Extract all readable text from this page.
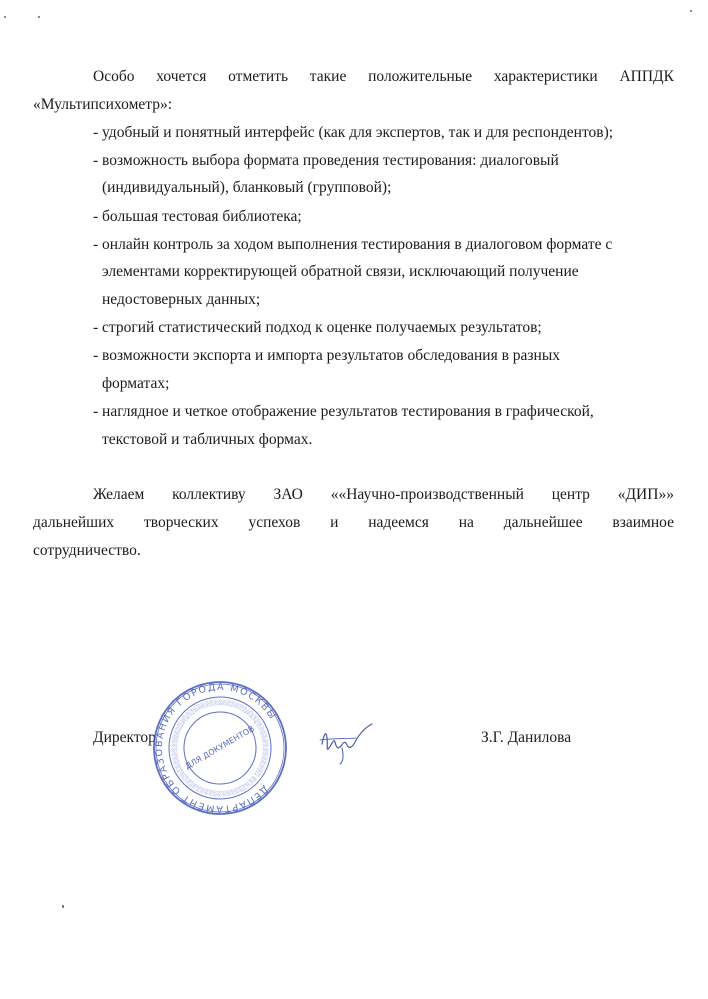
Особо хочется отметить такие положительные характеристики АППДК
«Мультипсихометр»:
- удобный и понятный интерфейс (как для экспертов, так и для респондентов);
- возможность выбора формата проведения тестирования: диалоговый
(индивидуальный), бланковый (групповой);
- большая тестовая библиотека;
- онлайн контроль за ходом выполнения тестирования в диалоговом формате с
элементами корректирующей обратной связи, исключающий получение
недостоверных данных;
- строгий статистический подход к оценке получаемых результатов;
- возможности экспорта и импорта результатов обследования в разных
форматах;
- наглядное и четкое отображение результатов тестирования в графической,
текстовой и табличных формах.
Желаем коллективу ЗАО ««Научно-производственный центр «ДИП»»
дальнейших творческих успехов и надеемся на дальнейшее взаимное
сотрудничество.
Директор	З.Г. Данилова
ДЕПАРТАМЕНТ ОБРАЗОВАНИЯ ГОРОДА МОСКВЫ
░░░░░░░░░░░░░░░░░░░░░░░░░░░░░░░░░░░░░░░░░░░░░░░░░░░░░░░░░░░░░░░░░░░░░░░░
ДЛЯ ДОКУМЕНТОВ
